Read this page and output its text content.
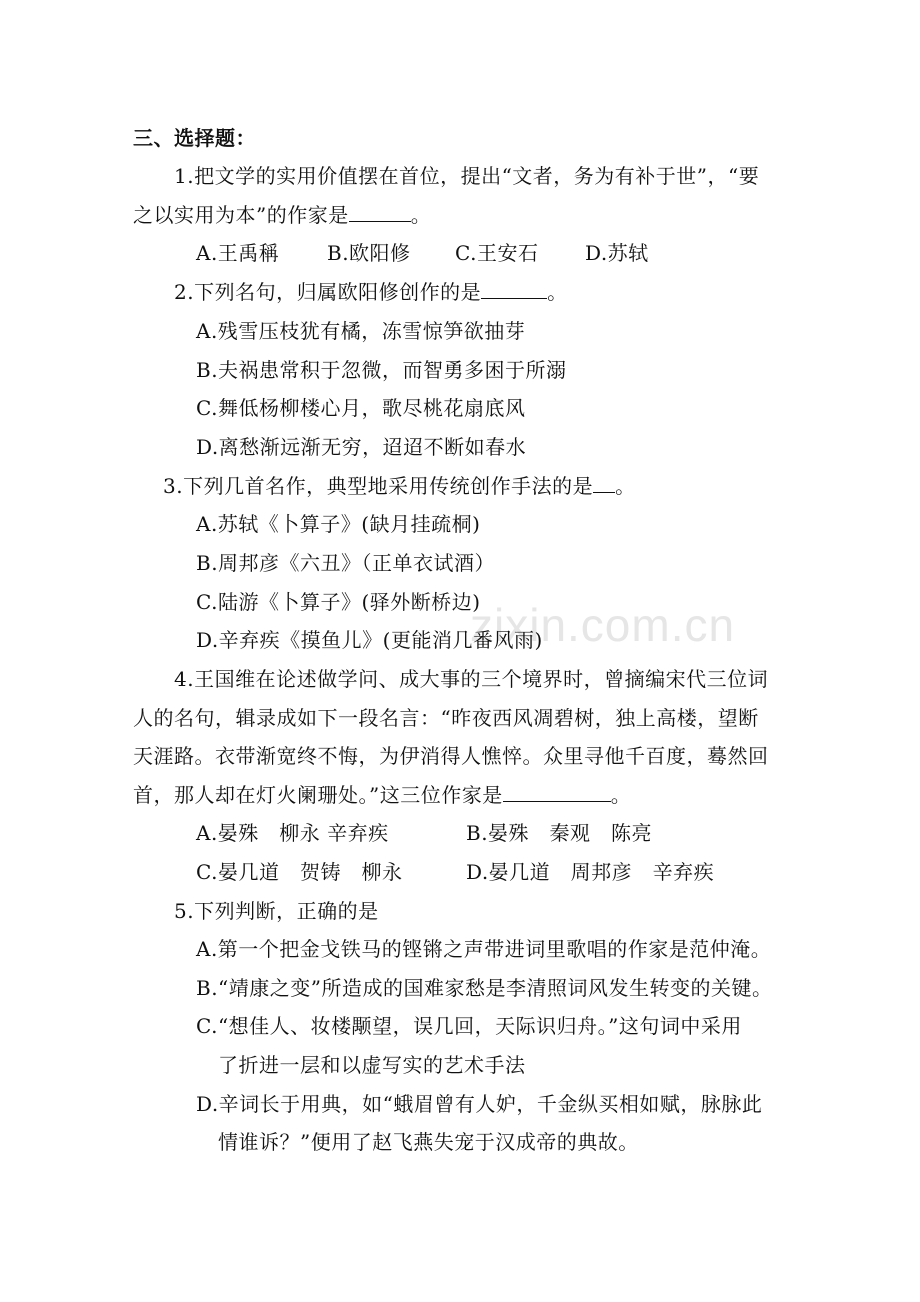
zixin.com.cn
三、选择题：
1.把文学的实用价值摆在首位，提出“文者，务为有补于世”，“要
之以实用为本”的作家是	。
A.王禹稱 B.欧阳修 C.王安石 D.苏轼
2.下列名句，归属欧阳修创作的是	。
A.残雪压枝犹有橘，冻雪惊笋欲抽芽
B.夫祸患常积于忽微，而智勇多困于所溺
C.舞低杨柳楼心月，歌尽桃花扇底风
D.离愁渐远渐无穷，迢迢不断如春水
3.下列几首名作，典型地采用传统创作手法的是 。
A.苏轼《卜算子》(缺月挂疏桐)
B.周邦彦《六丑》（正单衣试酒）
C.陆游《卜算子》(驿外断桥边)
D.辛弃疾《摸鱼儿》(更能消几番风雨)
4.王国维在论述做学问、成大事的三个境界时，曾摘编宋代三位词
人的名句，辑录成如下一段名言：“昨夜西风凋碧树，独上高楼，望断
天涯路。衣带渐宽终不悔，为伊消得人憔悴。众里寻他千百度，蓦然回
首，那人却在灯火阑珊处。”这三位作家是	。
A.晏殊　柳永 辛弃疾	B.晏殊　秦观　陈亮
C.晏几道　贺铸　柳永	D.晏几道　周邦彦　辛弃疾
5.下列判断，正确的是
A.第一个把金戈铁马的铿锵之声带进词里歌唱的作家是范仲淹。
B.“靖康之变”所造成的国难家愁是李清照词风发生转变的关键。
C.“想佳人、妆楼颙望，误几回，天际识归舟。”这句词中采用
了折进一层和以虚写实的艺术手法
D.辛词长于用典，如“蛾眉曾有人妒，千金纵买相如赋，脉脉此
情谁诉？”便用了赵飞燕失宠于汉成帝的典故。
